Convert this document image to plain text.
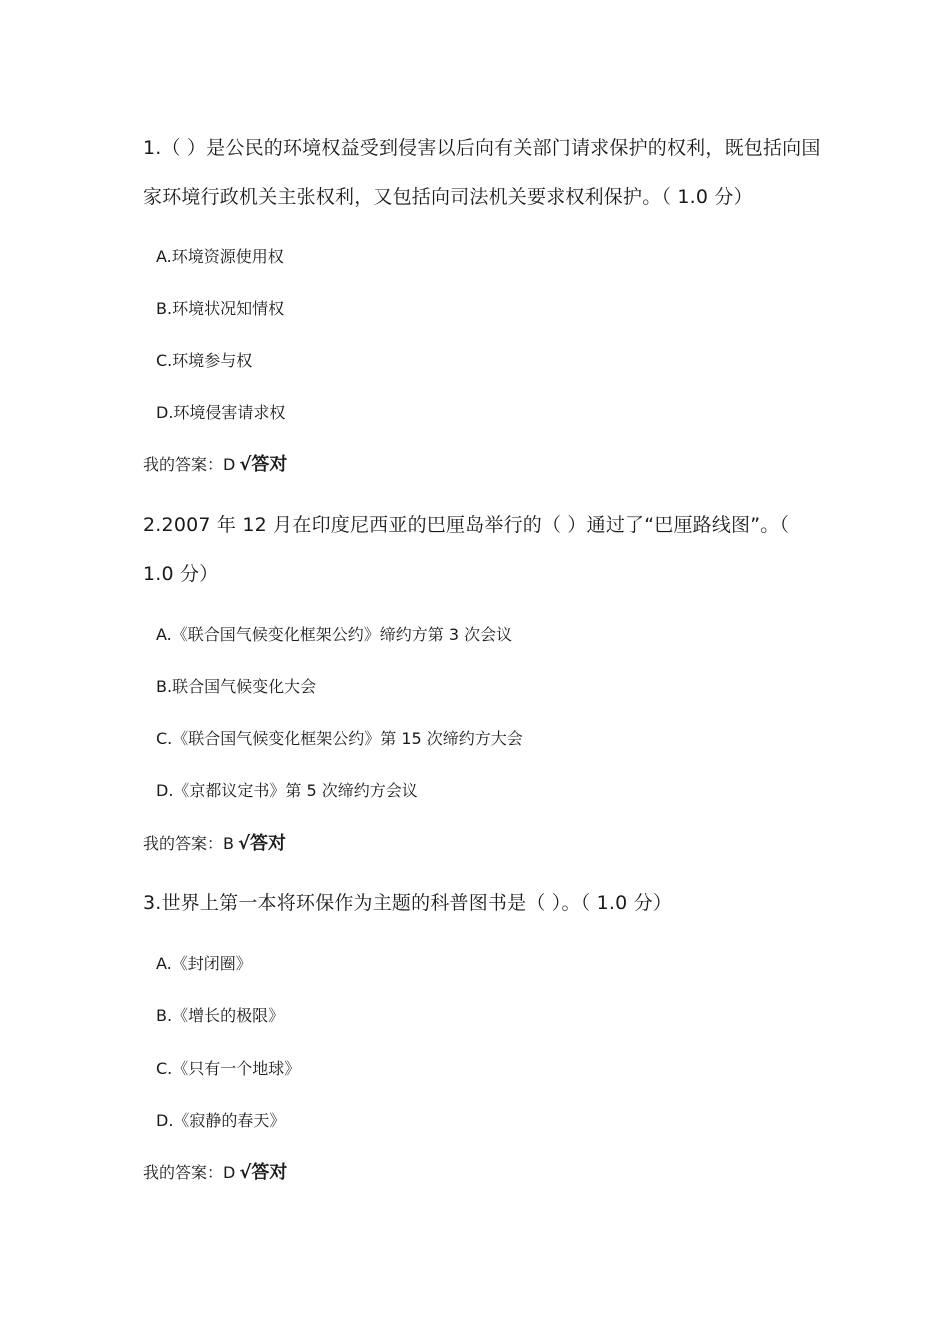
1.（ ）是公民的环境权益受到侵害以后向有关部门请求保护的权利，既包括向国家环境行政机关主张权利，又包括向司法机关要求权利保护。（ 1.0 分）

A.环境资源使用权

B.环境状况知情权

C.环境参与权

D.环境侵害请求权

我的答案：D √答对

2.2007 年 12 月在印度尼西亚的巴厘岛举行的（ ）通过了“巴厘路线图”。（ 1.0 分）

A.《联合国气候变化框架公约》缔约方第 3 次会议

B.联合国气候变化大会

C.《联合国气候变化框架公约》第 15 次缔约方大会

D.《京都议定书》第 5 次缔约方会议

我的答案：B √答对

3.世界上第一本将环保作为主题的科普图书是（ ）。（ 1.0 分）

A.《封闭圈》

B.《增长的极限》

C.《只有一个地球》

D.《寂静的春天》

我的答案：D √答对
